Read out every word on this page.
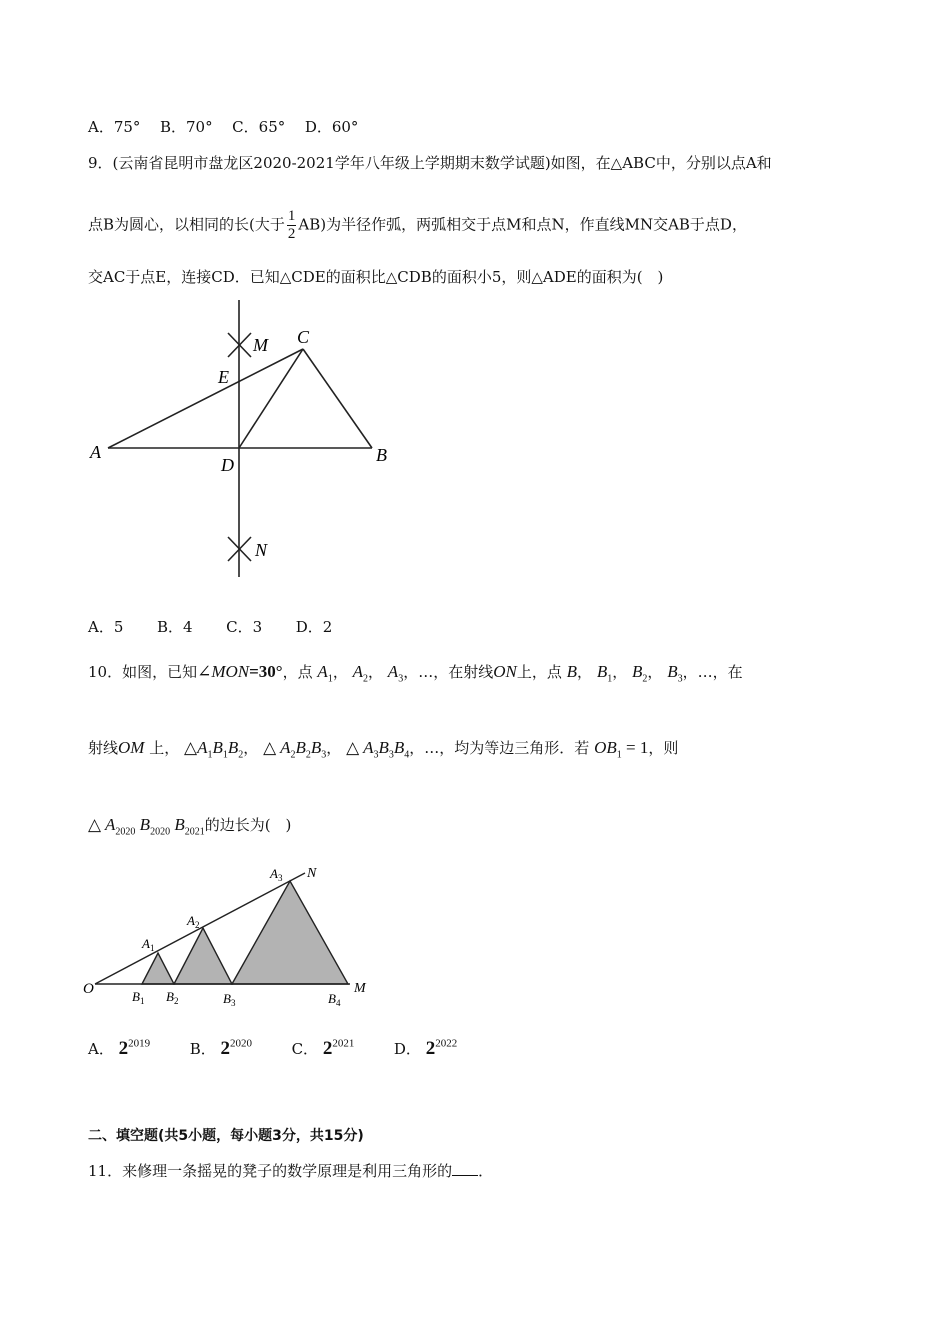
A．75° B．70° C．65° D．60°
9．(云南省昆明市盘龙区2020-2021学年八年级上学期期末数学试题)如图，在△ABC中，分别以点A和
点B为圆心，以相同的长(大于 $\frac{1}{2} AB$)为半径作弧，两弧相交于点M和点N，作直线MN交AB于点D，
交AC于点E，连接CD．已知△CDE的面积比△CDB的面积小5，则△ADE的面积为(　)
M C
E
A
D	B
N
A．5 B．4 C．3 D．2
10．如图，已知∠MON=30°，点 $A_1$， $A_2$， $A_3$，…，在射线ON上，点 B， $B_1$， $B_2$， $B_3$，…，在
射线OM 上， $\triangle A_1B_1B_2$， △ $A_2B_2B_3$， △ $A_3B_3B_4$，…，均为等边三角形．若 $OB_1 = 1$，则
△ $A_{2020}$ $B_{2020}$ $B_{2021}$的边长为(　)
O	M
N
$A_1$
$A_2$
$A_3$
$B_1$ $B_2$	$B_3$	$B_4$
A． $2^{2019}$	B． $2^{2020}$	C． $2^{2021}$	D． $2^{2022}$
二、填空题(共5小题，每小题3分，共15分)
11．来修理一条摇晃的凳子的数学原理是利用三角形的 ．
